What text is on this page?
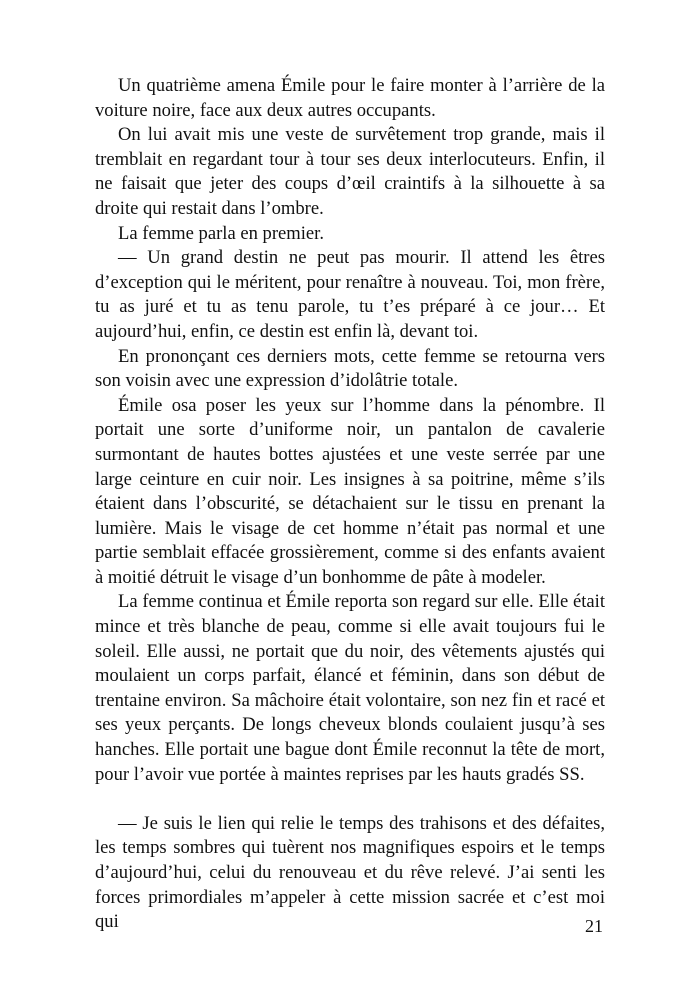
Un quatrième amena Émile pour le faire monter à l’arrière de la voiture noire, face aux deux autres occupants.

On lui avait mis une veste de survêtement trop grande, mais il tremblait en regardant tour à tour ses deux interlocuteurs. Enfin, il ne faisait que jeter des coups d’œil craintifs à la silhouette à sa droite qui restait dans l’ombre.

La femme parla en premier.

— Un grand destin ne peut pas mourir. Il attend les êtres d’exception qui le méritent, pour renaître à nouveau. Toi, mon frère, tu as juré et tu as tenu parole, tu t’es préparé à ce jour… Et aujourd’hui, enfin, ce destin est enfin là, devant toi.

En prononçant ces derniers mots, cette femme se retourna vers son voisin avec une expression d’idolâtrie totale.

Émile osa poser les yeux sur l’homme dans la pénombre. Il portait une sorte d’uniforme noir, un pantalon de cavalerie surmontant de hautes bottes ajustées et une veste serrée par une large ceinture en cuir noir. Les insignes à sa poitrine, même s’ils étaient dans l’obscurité, se détachaient sur le tissu en prenant la lumière. Mais le visage de cet homme n’était pas normal et une partie semblait effacée grossièrement, comme si des enfants avaient à moitié détruit le visage d’un bonhomme de pâte à modeler.

La femme continua et Émile reporta son regard sur elle. Elle était mince et très blanche de peau, comme si elle avait toujours fui le soleil. Elle aussi, ne portait que du noir, des vêtements ajustés qui moulaient un corps parfait, élancé et féminin, dans son début de trentaine environ. Sa mâchoire était volontaire, son nez fin et racé et ses yeux perçants. De longs cheveux blonds coulaient jusqu’à ses hanches. Elle portait une bague dont Émile reconnut la tête de mort, pour l’avoir vue portée à maintes reprises par les hauts gradés SS.

— Je suis le lien qui relie le temps des trahisons et des défaites, les temps sombres qui tuèrent nos magnifiques espoirs et le temps d’aujourd’hui, celui du renouveau et du rêve relevé. J’ai senti les forces primordiales m’appeler à cette mission sacrée et c’est moi qui	21
